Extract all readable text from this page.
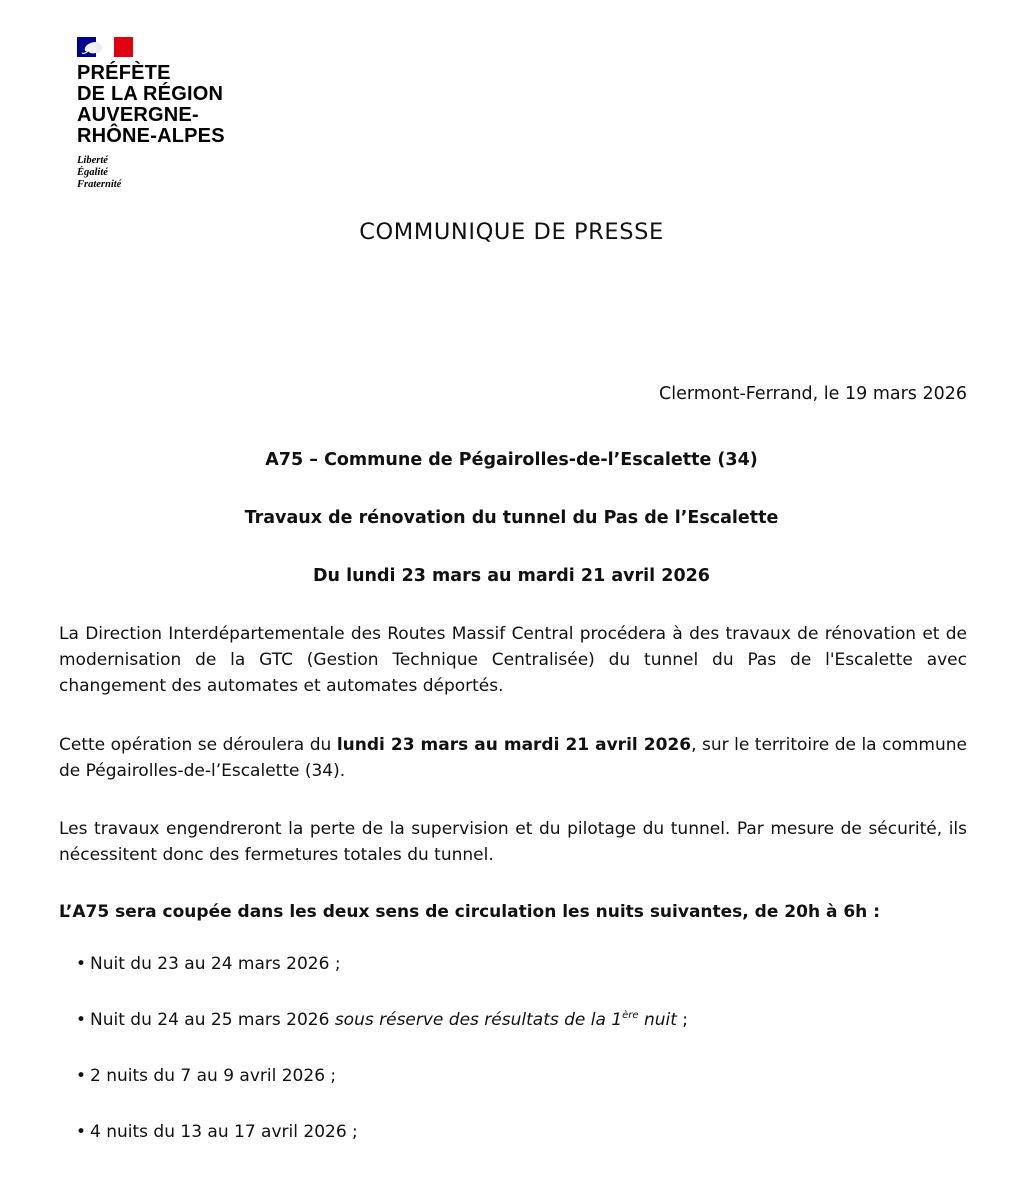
PRÉFÈTE
DE LA RÉGION
AUVERGNE-
RHÔNE-ALPES
Liberté
Égalité
Fraternité
COMMUNIQUE DE PRESSE
Clermont-Ferrand, le 19 mars 2026
A75 – Commune de Pégairolles-de-l’Escalette (34)
Travaux de rénovation du tunnel du Pas de l’Escalette
Du lundi 23 mars au mardi 21 avril 2026
La Direction Interdépartementale des Routes Massif Central procédera à des travaux de rénovation et de modernisation de la GTC (Gestion Technique Centralisée) du tunnel du Pas de l'Escalette avec changement des automates et automates déportés.
Cette opération se déroulera du lundi 23 mars au mardi 21 avril 2026, sur le territoire de la commune de Pégairolles-de-l’Escalette (34).
Les travaux engendreront la perte de la supervision et du pilotage du tunnel. Par mesure de sécurité, ils nécessitent donc des fermetures totales du tunnel.
L’A75 sera coupée dans les deux sens de circulation les nuits suivantes, de 20h à 6h :
• Nuit du 23 au 24 mars 2026 ;
• Nuit du 24 au 25 mars 2026 sous réserve des résultats de la 1ère nuit ;
• 2 nuits du 7 au 9 avril 2026 ;
• 4 nuits du 13 au 17 avril 2026 ;
